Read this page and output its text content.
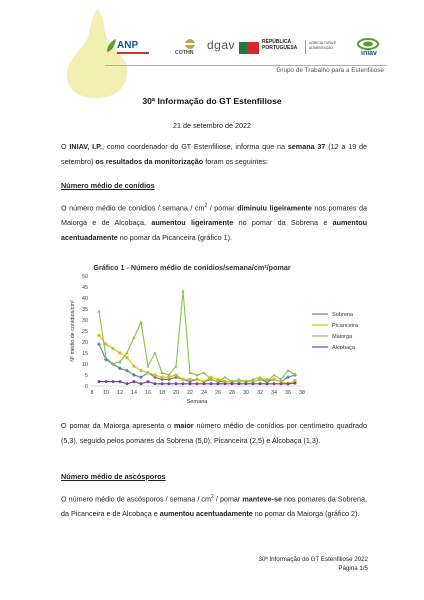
ANP
COTHN
dgav	REPÚBLICA PORTUGUESA
AGRICULTURA E ALIMENTAÇÃO
iniav
Grupo de Trabalho para a Estenfiliose
30ª Informação do GT Estenfiliose
21 de setembro de 2022
O INIAV, I.P., como coordenador do GT Estenfiliose, informa que na semana 37 (12 a 19 de setembro) os resultados da monitorização foram os seguintes:
Número médio de conídios
O número médio de conídios / semana / $cm^2$ / pomar diminuiu ligeiramente nos pomares da Maiorga e de Alcobaça, aumentou ligeiramente no pomar da Sobrena e aumentou acentuadamente no pomar da Picanceira (gráfico 1).
Gráfico 1 - Número médio de conídios/semana/cm²/pomar
0
5
10
15
20
25
30
35
40
45
50
8 10 12 14 16 18 20 22 24 26 28 30 32 34 36 38
Semana
Nº médio de conídios/cm²	Sobrena
Picanceira
Maiorga
Alcobaça
O pomar da Maiorga apresenta o maior número médio de conídios por centímetro quadrado (5,3), seguido pelos pomares da Sobrena (5,0), Picanceira (2,5) e Alcobaça (1,3).
Número médio de ascósporos
O número médio de ascósporos / semana / $cm^2$ / pomar manteve-se nos pomares da Sobrena, da Picanceira e de Alcobaça e aumentou acentuadamente no pomar da Maiorga (gráfico 2).
30ª Informação do GT Estenfiliose 2022
Página 1/5
